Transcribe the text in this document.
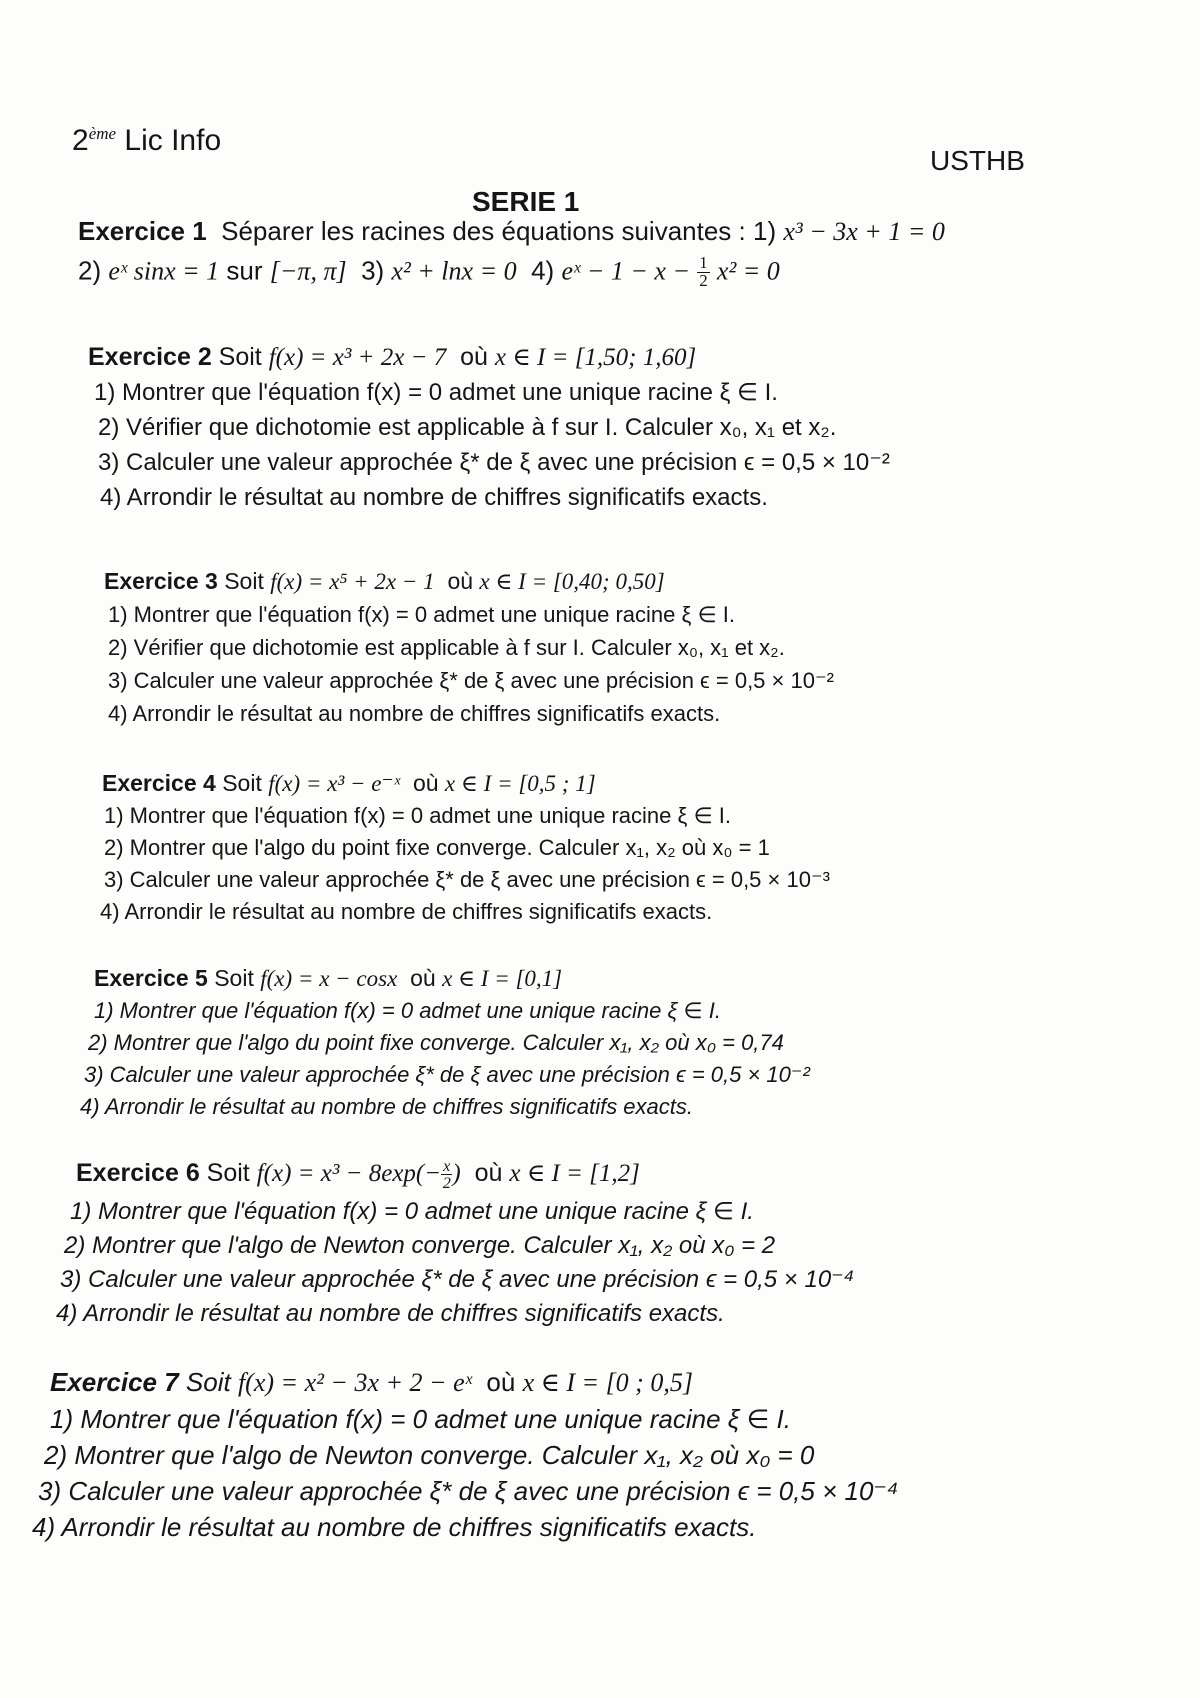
2ème Lic Info
USTHB
SERIE 1
Exercice 1 Séparer les racines des équations suivantes : 1) x³ − 3x + 1 = 0
2) eˣ sinx = 1 sur [−π, π] 3) x² + lnx = 0 4) eˣ − $1 - x - \frac{1}{2} x^2 = 0$
Exercice 2 Soit f(x) = x³ + 2x − 7 où x ∈ I = [1,50; 1,60]
1) Montrer que l'équation f(x) = 0 admet une unique racine ξ ∈ I.
2) Vérifier que dichotomie est applicable à f sur I. Calculer x₀, x₁ et x₂.
3) Calculer une valeur approchée ξ* de ξ avec une précision ϵ = 0,5 × 10⁻²
4) Arrondir le résultat au nombre de chiffres significatifs exacts.
Exercice 3 Soit f(x) = x⁵ + 2x − 1 où x ∈ I = [0,40; 0,50]
1) Montrer que l'équation f(x) = 0 admet une unique racine ξ ∈ I.
2) Vérifier que dichotomie est applicable à f sur I. Calculer x₀, x₁ et x₂.
3) Calculer une valeur approchée ξ* de ξ avec une précision ϵ = 0,5 × 10⁻²
4) Arrondir le résultat au nombre de chiffres significatifs exacts.
Exercice 4 Soit f(x) = x³ − e⁻ˣ où x ∈ I = [0,5 ; 1]
1) Montrer que l'équation f(x) = 0 admet une unique racine ξ ∈ I.
2) Montrer que l'algo du point fixe converge. Calculer x₁, x₂ où x₀ = 1
3) Calculer une valeur approchée ξ* de ξ avec une précision ϵ = 0,5 × 10⁻³
4) Arrondir le résultat au nombre de chiffres significatifs exacts.
Exercice 5 Soit f(x) = x − cosx où x ∈ I = [0,1]
1) Montrer que l'équation f(x) = 0 admet une unique racine ξ ∈ I.
2) Montrer que l'algo du point fixe converge. Calculer x₁, x₂ où x₀ = 0,74
3) Calculer une valeur approchée ξ* de ξ avec une précision ϵ = 0,5 × 10⁻²
4) Arrondir le résultat au nombre de chiffres significatifs exacts.
Exercice 6 Soit $f(x) = x^3 - 8\exp(- \frac{x}{2}$ ) où x ∈ I = [1,2]
1) Montrer que l'équation f(x) = 0 admet une unique racine ξ ∈ I.
2) Montrer que l'algo de Newton converge. Calculer x₁, x₂ où x₀ = 2
3) Calculer une valeur approchée ξ* de ξ avec une précision ϵ = 0,5 × 10⁻⁴
4) Arrondir le résultat au nombre de chiffres significatifs exacts.
Exercice 7 Soit f(x) = x² − 3x + 2 − eˣ où x ∈ I = [0 ; 0,5]
1) Montrer que l'équation f(x) = 0 admet une unique racine ξ ∈ I.
2) Montrer que l'algo de Newton converge. Calculer x₁, x₂ où x₀ = 0
3) Calculer une valeur approchée ξ* de ξ avec une précision ϵ = 0,5 × 10⁻⁴
4) Arrondir le résultat au nombre de chiffres significatifs exacts.
